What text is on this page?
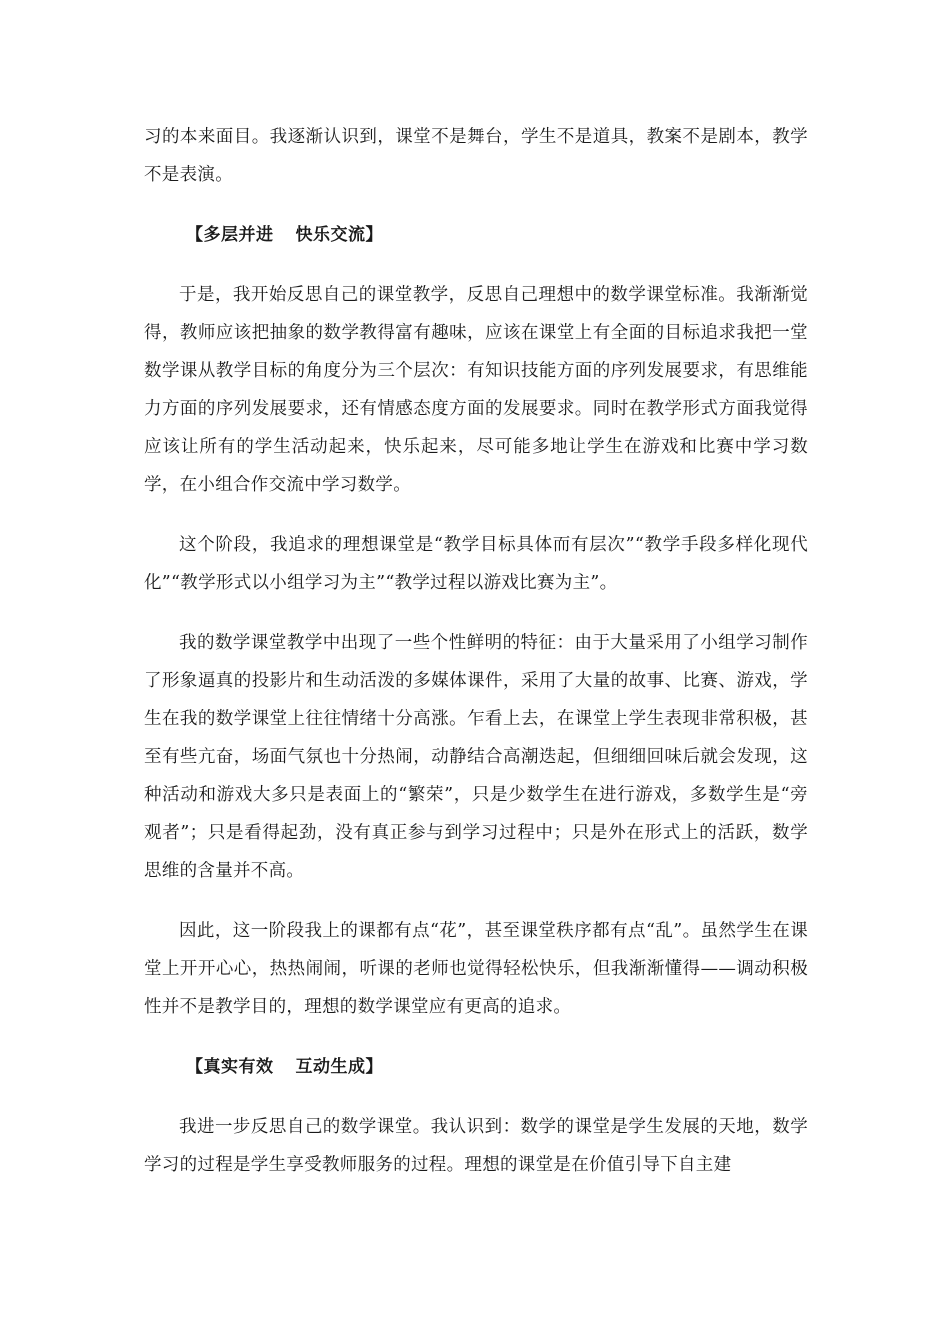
习的本来面目。我逐渐认识到，课堂不是舞台，学生不是道具，教案不是剧本，教学不是表演。

【多层并进 快乐交流】

于是，我开始反思自己的课堂教学，反思自己理想中的数学课堂标准。我渐渐觉得，教师应该把抽象的数学教得富有趣味，应该在课堂上有全面的目标追求我把一堂数学课从教学目标的角度分为三个层次：有知识技能方面的序列发展要求，有思维能力方面的序列发展要求，还有情感态度方面的发展要求。同时在教学形式方面我觉得应该让所有的学生活动起来，快乐起来，尽可能多地让学生在游戏和比赛中学习数学，在小组合作交流中学习数学。

这个阶段，我追求的理想课堂是“教学目标具体而有层次”“教学手段多样化现代化”“教学形式以小组学习为主”“教学过程以游戏比赛为主”。

我的数学课堂教学中出现了一些个性鲜明的特征：由于大量采用了小组学习制作了形象逼真的投影片和生动活泼的多媒体课件，采用了大量的故事、比赛、游戏，学生在我的数学课堂上往往情绪十分高涨。乍看上去，在课堂上学生表现非常积极，甚至有些亢奋，场面气氛也十分热闹，动静结合高潮迭起，但细细回味后就会发现，这种活动和游戏大多只是表面上的“繁荣”，只是少数学生在进行游戏，多数学生是“旁观者”；只是看得起劲，没有真正参与到学习过程中；只是外在形式上的活跃，数学思维的含量并不高。

因此，这一阶段我上的课都有点“花”，甚至课堂秩序都有点“乱”。虽然学生在课堂上开开心心，热热闹闹，听课的老师也觉得轻松快乐，但我渐渐懂得——调动积极性并不是教学目的，理想的数学课堂应有更高的追求。

【真实有效 互动生成】

我进一步反思自己的数学课堂。我认识到：数学的课堂是学生发展的天地，数学学习的过程是学生享受教师服务的过程。理想的课堂是在价值引导下自主建
